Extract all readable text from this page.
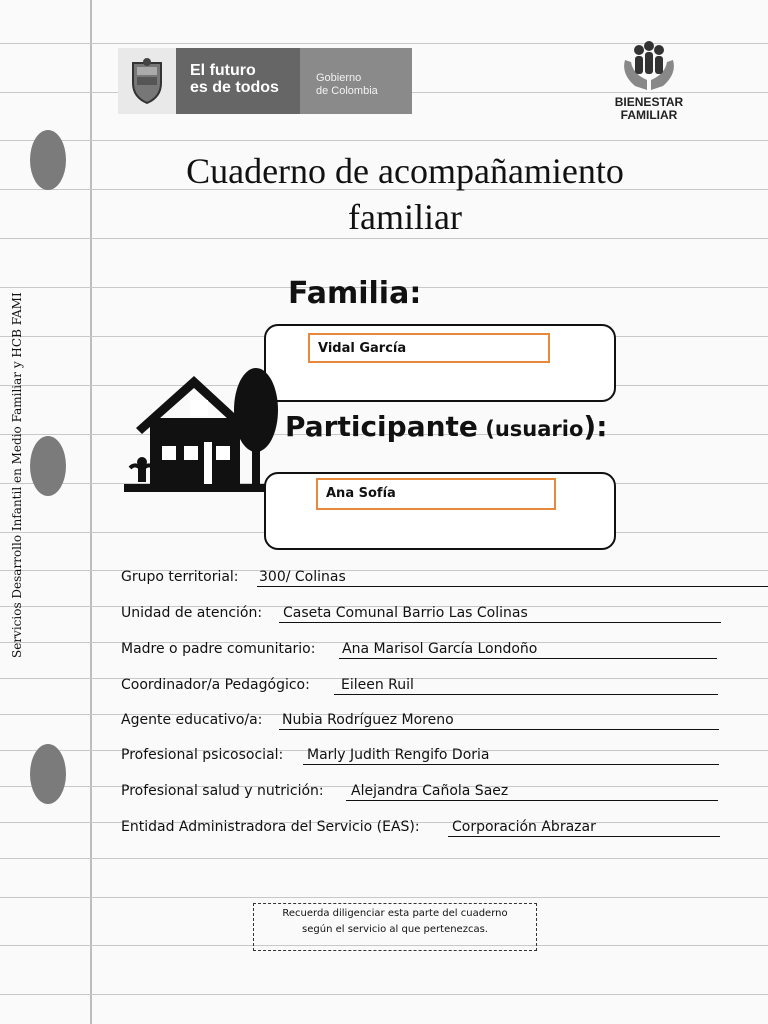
Servicios Desarrollo Infantil en Medio Familiar y HCB FAMI
El futuro
es de todos
Gobierno
de Colombia
BIENESTAR
FAMILIAR
Cuaderno de acompañamiento
familiar
Familia:
Vidal García
Participante (usuario):
Ana Sofía
Grupo territorial: 300/ Colinas
Unidad de atención: Caseta Comunal Barrio Las Colinas
Madre o padre comunitario: Ana Marisol García Londoño
Coordinador/a Pedagógico: Eileen Ruil
Agente educativo/a: Nubia Rodríguez Moreno
Profesional psicosocial: Marly Judith Rengifo Doria
Profesional salud y nutrición: Alejandra Cañola Saez
Entidad Administradora del Servicio (EAS): Corporación Abrazar
Recuerda diligenciar esta parte del cuaderno
según el servicio al que pertenezcas.
